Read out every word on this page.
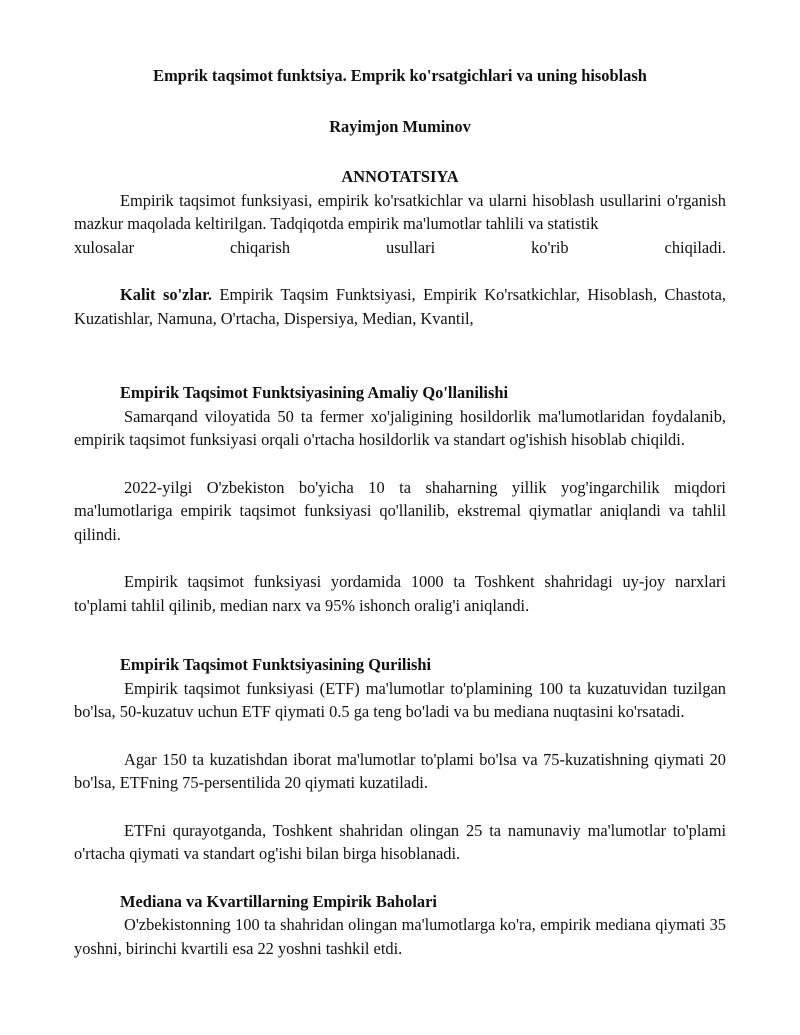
Emprik taqsimot funktsiya. Emprik ko'rsatgichlari va uning hisoblash

Rayimjon Muminov

ANNOTATSIYA

Empirik taqsimot funksiyasi, empirik ko'rsatkichlar va ularni hisoblash usullarini o'rganish mazkur maqolada keltirilgan. Tadqiqotda empirik ma'lumotlar tahlili va statistik
xulosalar chiqarish usullari ko'rib chiqiladi.

Kalit so'zlar. Empirik Taqsim Funktsiyasi, Empirik Ko'rsatkichlar, Hisoblash, Chastota, Kuzatishlar, Namuna, O'rtacha, Dispersiya, Median, Kvantil,

Empirik Taqsimot Funktsiyasining Amaliy Qo'llanilishi

Samarqand viloyatida 50 ta fermer xo'jaligining hosildorlik ma'lumotlaridan foydalanib, empirik taqsimot funksiyasi orqali o'rtacha hosildorlik va standart og'ishish hisoblab chiqildi.

2022-yilgi O'zbekiston bo'yicha 10 ta shaharning yillik yog'ingarchilik miqdori ma'lumotlariga empirik taqsimot funksiyasi qo'llanilib, ekstremal qiymatlar aniqlandi va tahlil qilindi.

Empirik taqsimot funksiyasi yordamida 1000 ta Toshkent shahridagi uy-joy narxlari to'plami tahlil qilinib, median narx va 95% ishonch oralig'i aniqlandi.

Empirik Taqsimot Funktsiyasining Qurilishi

Empirik taqsimot funksiyasi (ETF) ma'lumotlar to'plamining 100 ta kuzatuvidan tuzilgan bo'lsa, 50-kuzatuv uchun ETF qiymati 0.5 ga teng bo'ladi va bu mediana nuqtasini ko'rsatadi.

Agar 150 ta kuzatishdan iborat ma'lumotlar to'plami bo'lsa va 75-kuzatishning qiymati 20 bo'lsa, ETFning 75-persentilida 20 qiymati kuzatiladi.

ETFni qurayotganda, Toshkent shahridan olingan 25 ta namunaviy ma'lumotlar to'plami o'rtacha qiymati va standart og'ishi bilan birga hisoblanadi.

Mediana va Kvartillarning Empirik Baholari

O'zbekistonning 100 ta shahridan olingan ma'lumotlarga ko'ra, empirik mediana qiymati 35 yoshni, birinchi kvartili esa 22 yoshni tashkil etdi.
